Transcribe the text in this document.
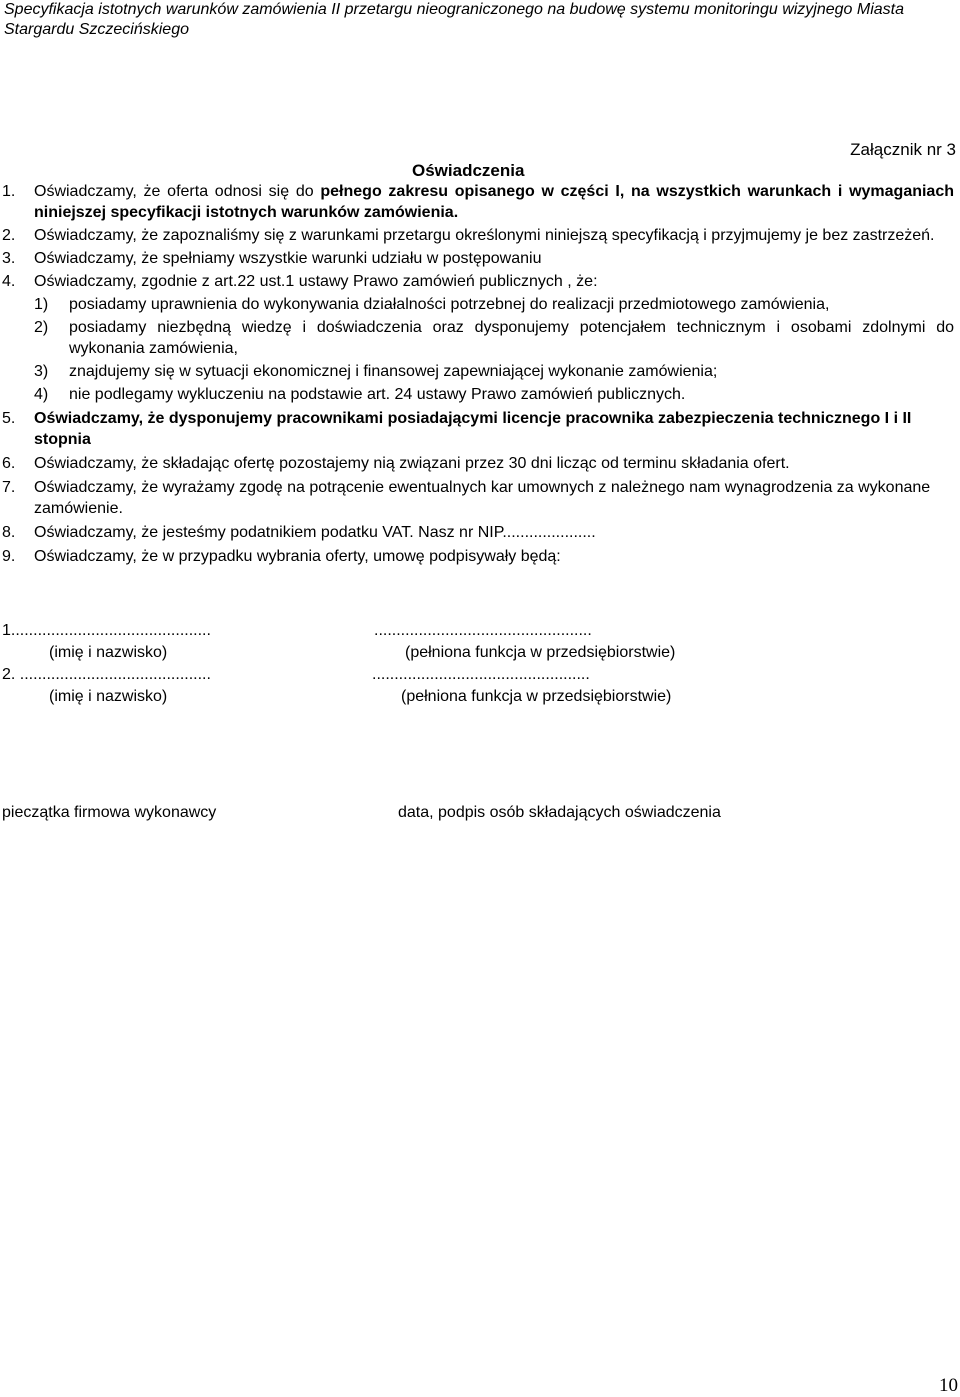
Specyfikacja istotnych warunków zamówienia II przetargu nieograniczonego na budowę systemu monitoringu wizyjnego Miasta Stargardu Szczecińskiego
Załącznik nr 3
Oświadczenia
1. Oświadczamy, że oferta odnosi się do pełnego zakresu opisanego w części I, na wszystkich warunkach i wymaganiach niniejszej specyfikacji istotnych warunków zamówienia.
2. Oświadczamy, że zapoznaliśmy się z warunkami przetargu określonymi niniejszą specyfikacją i przyjmujemy je bez zastrzeżeń.
3. Oświadczamy, że spełniamy wszystkie warunki udziału w postępowaniu
4. Oświadczamy, zgodnie z art.22 ust.1 ustawy Prawo zamówień publicznych , że:
1) posiadamy uprawnienia do wykonywania działalności potrzebnej do realizacji przedmiotowego zamówienia,
2) posiadamy niezbędną wiedzę i doświadczenia oraz dysponujemy potencjałem technicznym i osobami zdolnymi do wykonania zamówienia,
3) znajdujemy się w sytuacji ekonomicznej i finansowej zapewniającej wykonanie zamówienia;
4) nie podlegamy wykluczeniu na podstawie art. 24 ustawy Prawo zamówień publicznych.
5. Oświadczamy, że dysponujemy pracownikami posiadającymi licencje pracownika zabezpieczenia technicznego I i II stopnia
6. Oświadczamy, że składając ofertę pozostajemy nią związani przez 30 dni licząc od terminu składania ofert.
7. Oświadczamy, że wyrażamy zgodę na potrącenie ewentualnych kar umownych z należnego nam wynagrodzenia za wykonane zamówienie.
8. Oświadczamy, że jesteśmy podatnikiem podatku VAT. Nasz nr NIP.....................
9. Oświadczamy, że w przypadku wybrania oferty, umowę podpisywały będą:
1.............................................	.................................................
(imię i nazwisko)	(pełniona funkcja w przedsiębiorstwie)
2. ...........................................	.................................................
(imię i nazwisko)	(pełniona funkcja w przedsiębiorstwie)
pieczątka firmowa wykonawcy	data, podpis osób składających oświadczenia
10
